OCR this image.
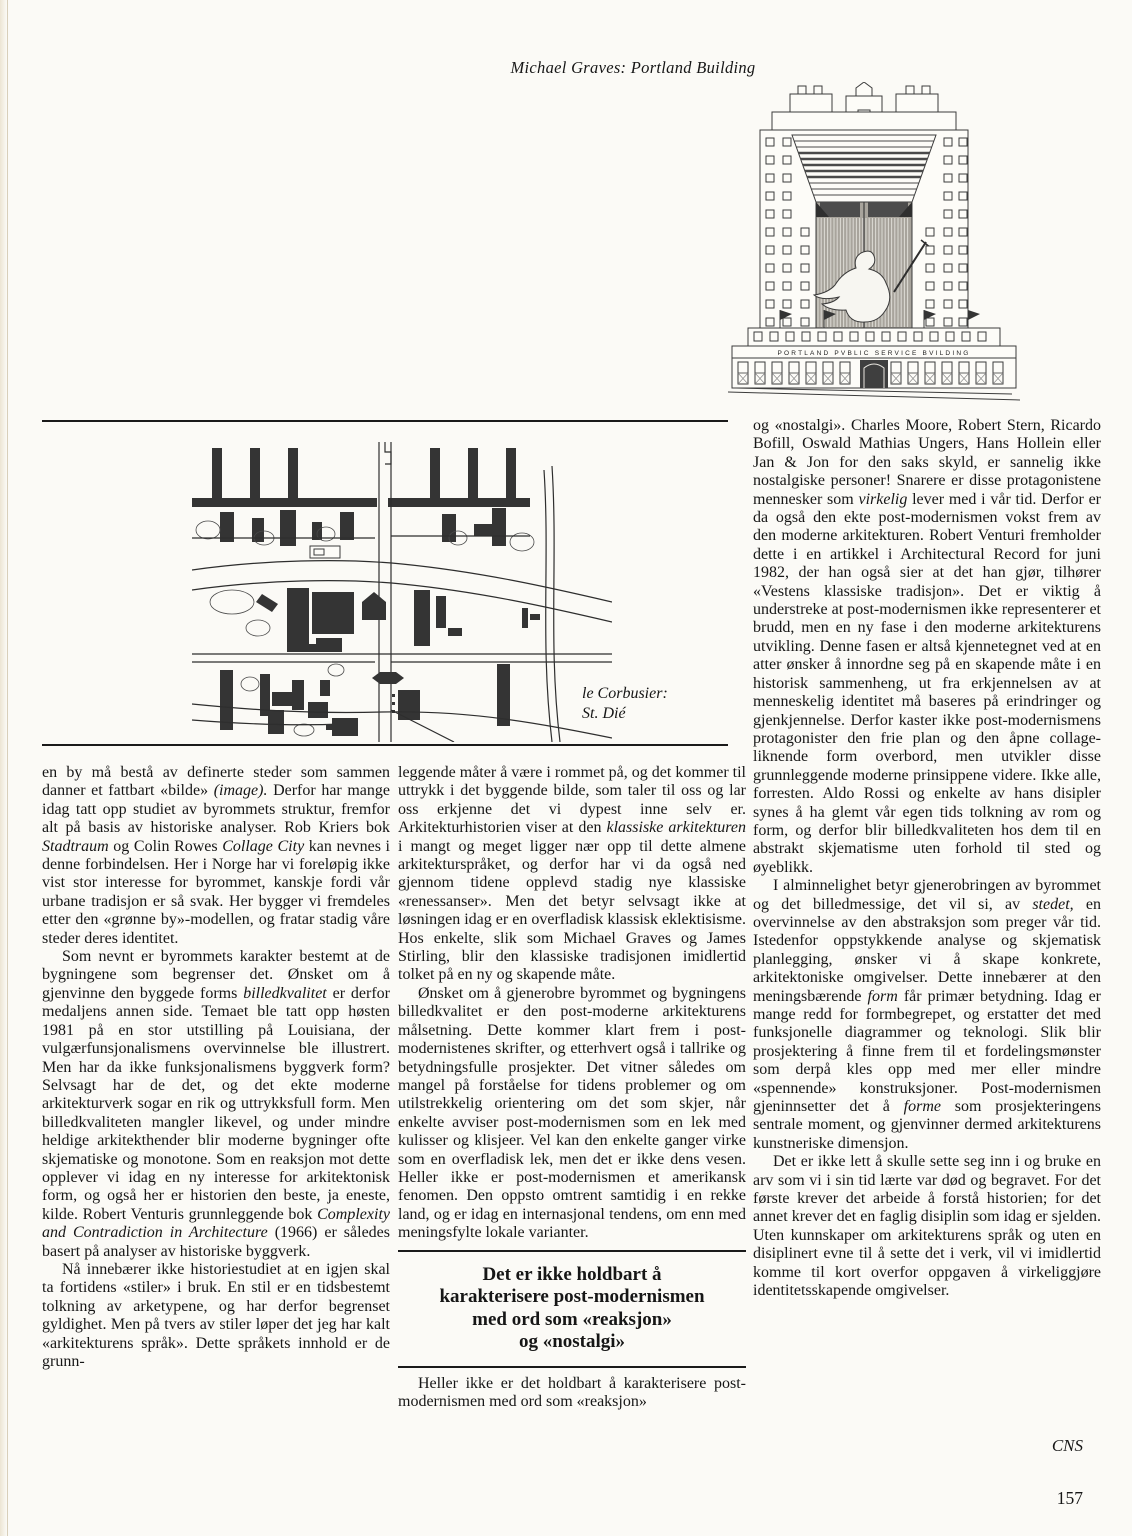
Michael Graves: Portland Building
PORTLAND PVBLIC SERVICE BVILDING
le Corbusier:
St. Dié

en by må bestå av definerte steder som sammen danner et fattbart «bilde» (image). Derfor har mange idag tatt opp studiet av byrommets struktur, fremfor alt på basis av historiske analyser. Rob Kriers bok Stadtraum og Colin Rowes Collage City kan nevnes i denne forbindelsen. Her i Norge har vi foreløpig ikke vist stor interesse for byrommet, kanskje fordi vår urbane tradisjon er så svak. Her bygger vi fremdeles etter den «grønne by»-modellen, og fratar stadig våre steder deres identitet.

Som nevnt er byrommets karakter bestemt at de bygningene som begrenser det. Ønsket om å gjenvinne den byggede forms billedkvalitet er derfor medaljens annen side. Temaet ble tatt opp høsten 1981 på en stor utstilling på Louisiana, der vulgærfunsjonalismens overvinnelse ble illustrert. Men har da ikke funksjonalismens byggverk form? Selvsagt har de det, og det ekte moderne arkitekturverk sogar en rik og uttrykksfull form. Men billedkvaliteten mangler likevel, og under mindre heldige arkitekthender blir moderne bygninger ofte skjematiske og monotone. Som en reaksjon mot dette opplever vi idag en ny interesse for arkitektonisk form, og også her er historien den beste, ja eneste, kilde. Robert Venturis grunnleggende bok Complexity and Contradiction in Architecture (1966) er således basert på analyser av historiske byggverk.

Nå innebærer ikke historiestudiet at en igjen skal ta fortidens «stiler» i bruk. En stil er en tidsbestemt tolkning av arketypene, og har derfor begrenset gyldighet. Men på tvers av stiler løper det jeg har kalt «arkitekturens språk». Dette språkets innhold er de grunn-

leggende måter å være i rommet på, og det kommer til uttrykk i det byggende bilde, som taler til oss og lar oss erkjenne det vi dypest inne selv er. Arkitekturhistorien viser at den klassiske arkitekturen i mangt og meget ligger nær opp til dette almene arkitekturspråket, og derfor har vi da også ned gjennom tidene opplevd stadig nye klassiske «renessanser». Men det betyr selvsagt ikke at løsningen idag er en overfladisk klassisk eklektisisme. Hos enkelte, slik som Michael Graves og James Stirling, blir den klassiske tradisjonen imidlertid tolket på en ny og skapende måte.

Ønsket om å gjenerobre byrommet og bygningens billedkvalitet er den post-moderne arkitekturens målsetning. Dette kommer klart frem i post-modernistenes skrifter, og etterhvert også i tallrike og betydningsfulle prosjekter. Det vitner således om mangel på forståelse for tidens problemer og om utilstrekkelig orientering om det som skjer, når enkelte avviser post-modernismen som en lek med kulisser og klisjeer. Vel kan den enkelte ganger virke som en overfladisk lek, men det er ikke dens vesen. Heller ikke er post-modernismen et amerikansk fenomen. Den oppsto omtrent samtidig i en rekke land, og er idag en internasjonal tendens, om enn med meningsfylte lokale varianter.

Det er ikke holdbart å
karakterisere post-modernismen
med ord som «reaksjon»
og «nostalgi»

Heller ikke er det holdbart å karakterisere post-modernismen med ord som «reaksjon»

og «nostalgi». Charles Moore, Robert Stern, Ricardo Bofill, Oswald Mathias Ungers, Hans Hollein eller Jan & Jon for den saks skyld, er sannelig ikke nostalgiske personer! Snarere er disse protagonistene mennesker som virkelig lever med i vår tid. Derfor er da også den ekte post-modernismen vokst frem av den moderne arkitekturen. Robert Venturi fremholder dette i en artikkel i Architectural Record for juni 1982, der han også sier at det han gjør, tilhører «Vestens klassiske tradisjon». Det er viktig å understreke at post-modernismen ikke representerer et brudd, men en ny fase i den moderne arkitekturens utvikling. Denne fasen er altså kjennetegnet ved at en atter ønsker å innordne seg på en skapende måte i en historisk sammenheng, ut fra erkjennelsen av at menneskelig identitet må baseres på erindringer og gjenkjennelse. Derfor kaster ikke post-modernismens protagonister den frie plan og den åpne collage-liknende form overbord, men utvikler disse grunnleggende moderne prinsippene videre. Ikke alle, forresten. Aldo Rossi og enkelte av hans disipler synes å ha glemt vår egen tids tolkning av rom og form, og derfor blir billedkvaliteten hos dem til en abstrakt skjematisme uten forhold til sted og øyeblikk.

I alminnelighet betyr gjenerobringen av byrommet og det billedmessige, det vil si, av stedet, en overvinnelse av den abstraksjon som preger vår tid. Istedenfor oppstykkende analyse og skjematisk planlegging, ønsker vi å skape konkrete, arkitektoniske omgivelser. Dette innebærer at den meningsbærende form får primær betydning. Idag er mange redd for formbegrepet, og erstatter det med funksjonelle diagrammer og teknologi. Slik blir prosjektering å finne frem til et fordelingsmønster som derpå kles opp med mer eller mindre «spennende» konstruksjoner. Post-modernismen gjeninnsetter det å forme som prosjekteringens sentrale moment, og gjenvinner dermed arkitekturens kunstneriske dimensjon.

Det er ikke lett å skulle sette seg inn i og bruke en arv som vi i sin tid lærte var død og begravet. For det første krever det arbeide å forstå historien; for det annet krever det en faglig disiplin som idag er sjelden. Uten kunnskaper om arkitekturens språk og uten en disiplinert evne til å sette det i verk, vil vi imidlertid komme til kort overfor oppgaven å virkeliggjøre identitetsskapende omgivelser.

CNS
157
